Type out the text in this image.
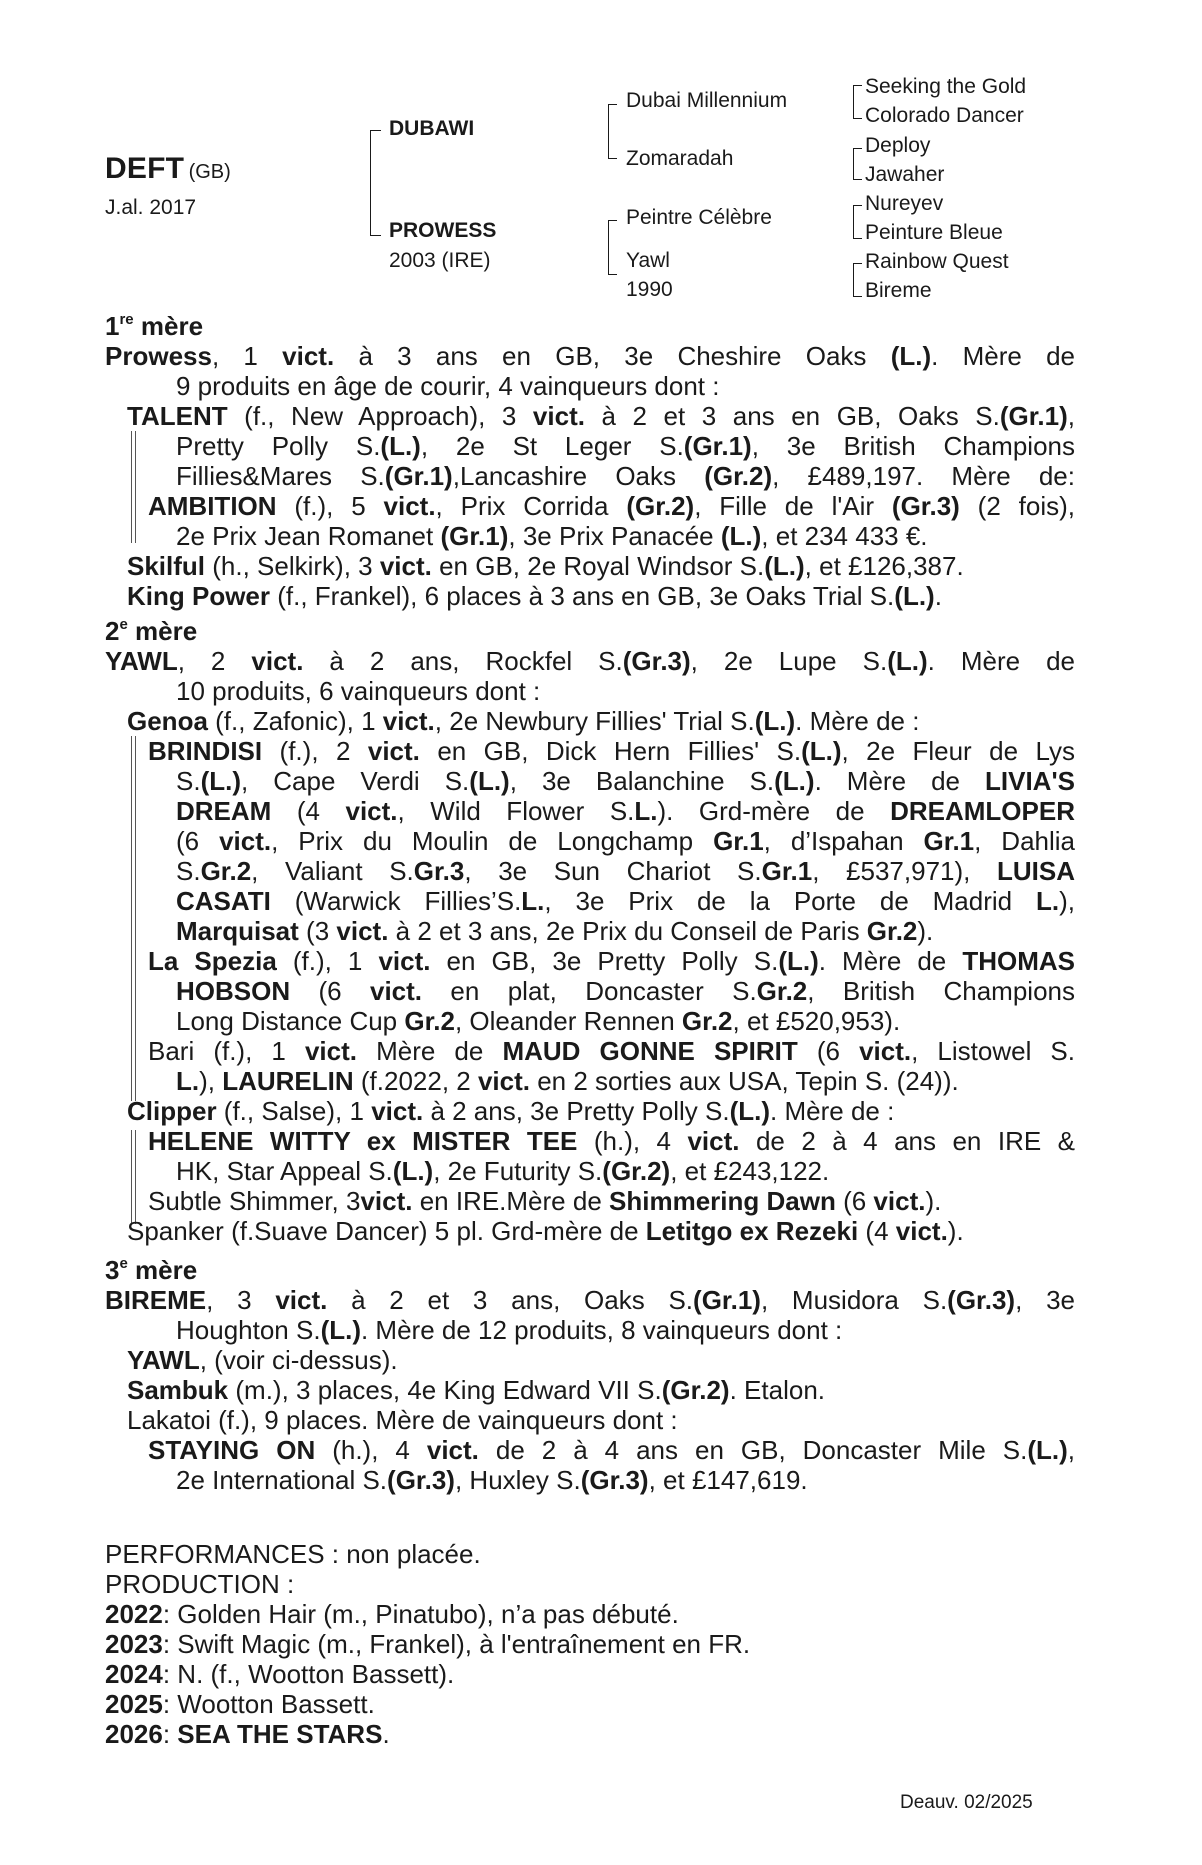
DEFT (GB)
J.al. 2017
DUBAWI
PROWESS
2003 (IRE)
Dubai Millennium
Zomaradah
Peintre Célèbre
Yawl
1990
Seeking the Gold
Colorado Dancer
Deploy
Jawaher
Nureyev
Peinture Bleue
Rainbow Quest
Bireme
1re mère
2e mère
3e mère
Prowess, 1 vict. à 3 ans en GB, 3e Cheshire Oaks (L.). Mère de
9 produits en âge de courir, 4 vainqueurs dont :
TALENT (f., New Approach), 3 vict. à 2 et 3 ans en GB, Oaks S.(Gr.1),
Pretty Polly S.(L.), 2e St Leger S.(Gr.1), 3e British Champions
Fillies&Mares S.(Gr.1),Lancashire Oaks (Gr.2), £489,197. Mère de:
AMBITION (f.), 5 vict., Prix Corrida (Gr.2), Fille de l'Air (Gr.3) (2 fois),
2e Prix Jean Romanet (Gr.1), 3e Prix Panacée (L.), et 234 433 €.
Skilful (h., Selkirk), 3 vict. en GB, 2e Royal Windsor S.(L.), et £126,387.
King Power (f., Frankel), 6 places à 3 ans en GB, 3e Oaks Trial S.(L.).
YAWL, 2 vict. à 2 ans, Rockfel S.(Gr.3), 2e Lupe S.(L.). Mère de
10 produits, 6 vainqueurs dont :
Genoa (f., Zafonic), 1 vict., 2e Newbury Fillies' Trial S.(L.). Mère de :
BRINDISI (f.), 2 vict. en GB, Dick Hern Fillies' S.(L.), 2e Fleur de Lys
S.(L.), Cape Verdi S.(L.), 3e Balanchine S.(L.). Mère de LIVIA'S
DREAM (4 vict., Wild Flower S.L.). Grd-mère de DREAMLOPER
(6 vict., Prix du Moulin de Longchamp Gr.1, d’Ispahan Gr.1, Dahlia
S.Gr.2, Valiant S.Gr.3, 3e Sun Chariot S.Gr.1, £537,971), LUISA
CASATI (Warwick Fillies’S.L., 3e Prix de la Porte de Madrid L.),
Marquisat (3 vict. à 2 et 3 ans, 2e Prix du Conseil de Paris Gr.2).
La Spezia (f.), 1 vict. en GB, 3e Pretty Polly S.(L.). Mère de THOMAS
HOBSON (6 vict. en plat, Doncaster S.Gr.2, British Champions
Long Distance Cup Gr.2, Oleander Rennen Gr.2, et £520,953).
Bari (f.), 1 vict. Mère de MAUD GONNE SPIRIT (6 vict., Listowel S.
L.), LAURELIN (f.2022, 2 vict. en 2 sorties aux USA, Tepin S. (24)).
Clipper (f., Salse), 1 vict. à 2 ans, 3e Pretty Polly S.(L.). Mère de :
HELENE WITTY ex MISTER TEE (h.), 4 vict. de 2 à 4 ans en IRE &
HK, Star Appeal S.(L.), 2e Futurity S.(Gr.2), et £243,122.
Subtle Shimmer, 3vict. en IRE.Mère de Shimmering Dawn (6 vict.).
Spanker (f.Suave Dancer) 5 pl. Grd-mère de Letitgo ex Rezeki (4 vict.).
BIREME, 3 vict. à 2 et 3 ans, Oaks S.(Gr.1), Musidora S.(Gr.3), 3e
Houghton S.(L.). Mère de 12 produits, 8 vainqueurs dont :
YAWL, (voir ci-dessus).
Sambuk (m.), 3 places, 4e King Edward VII S.(Gr.2). Etalon.
Lakatoi (f.), 9 places. Mère de vainqueurs dont :
STAYING ON (h.), 4 vict. de 2 à 4 ans en GB, Doncaster Mile S.(L.),
2e International S.(Gr.3), Huxley S.(Gr.3), et £147,619.
PERFORMANCES : non placée.
PRODUCTION :
2022: Golden Hair (m., Pinatubo), n’a pas débuté.
2023: Swift Magic (m., Frankel), à l'entraînement en FR.
2024: N. (f., Wootton Bassett).
2025: Wootton Bassett.
2026: SEA THE STARS.
Deauv. 02/2025
